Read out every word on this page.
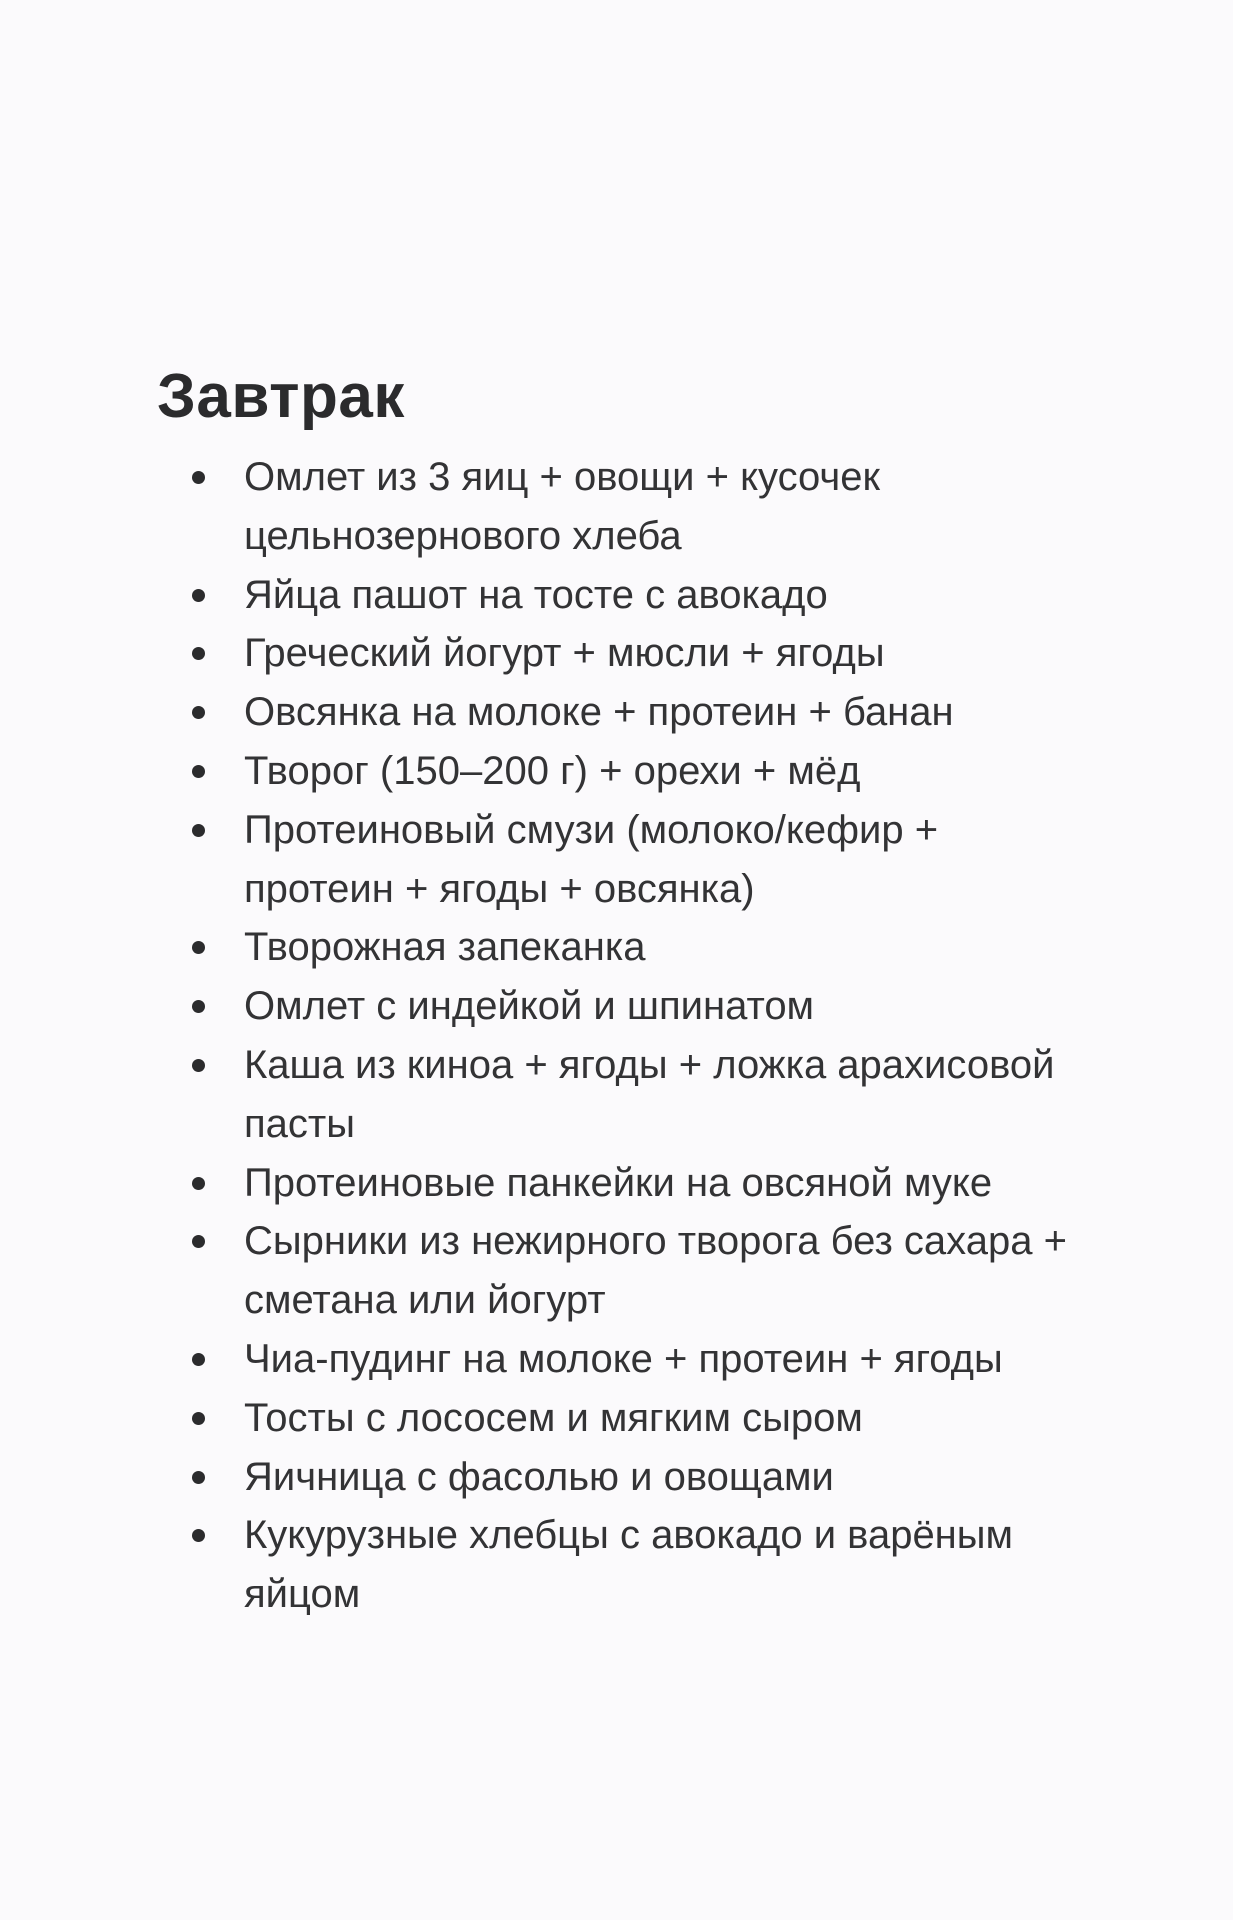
Завтрак
Омлет из 3 яиц + овощи + кусочек цельнозернового хлеба
Яйца пашот на тосте с авокадо
Греческий йогурт + мюсли + ягоды
Овсянка на молоке + протеин + банан
Творог (150–200 г) + орехи + мёд
Протеиновый смузи (молоко/кефир + протеин + ягоды + овсянка)
Творожная запеканка
Омлет с индейкой и шпинатом
Каша из киноа + ягоды + ложка арахисовой пасты
Протеиновые панкейки на овсяной муке
Сырники из нежирного творога без сахара + сметана или йогурт
Чиа-пудинг на молоке + протеин + ягоды
Тосты с лососем и мягким сыром
Яичница с фасолью и овощами
Кукурузные хлебцы с авокадо и варёным яйцом
